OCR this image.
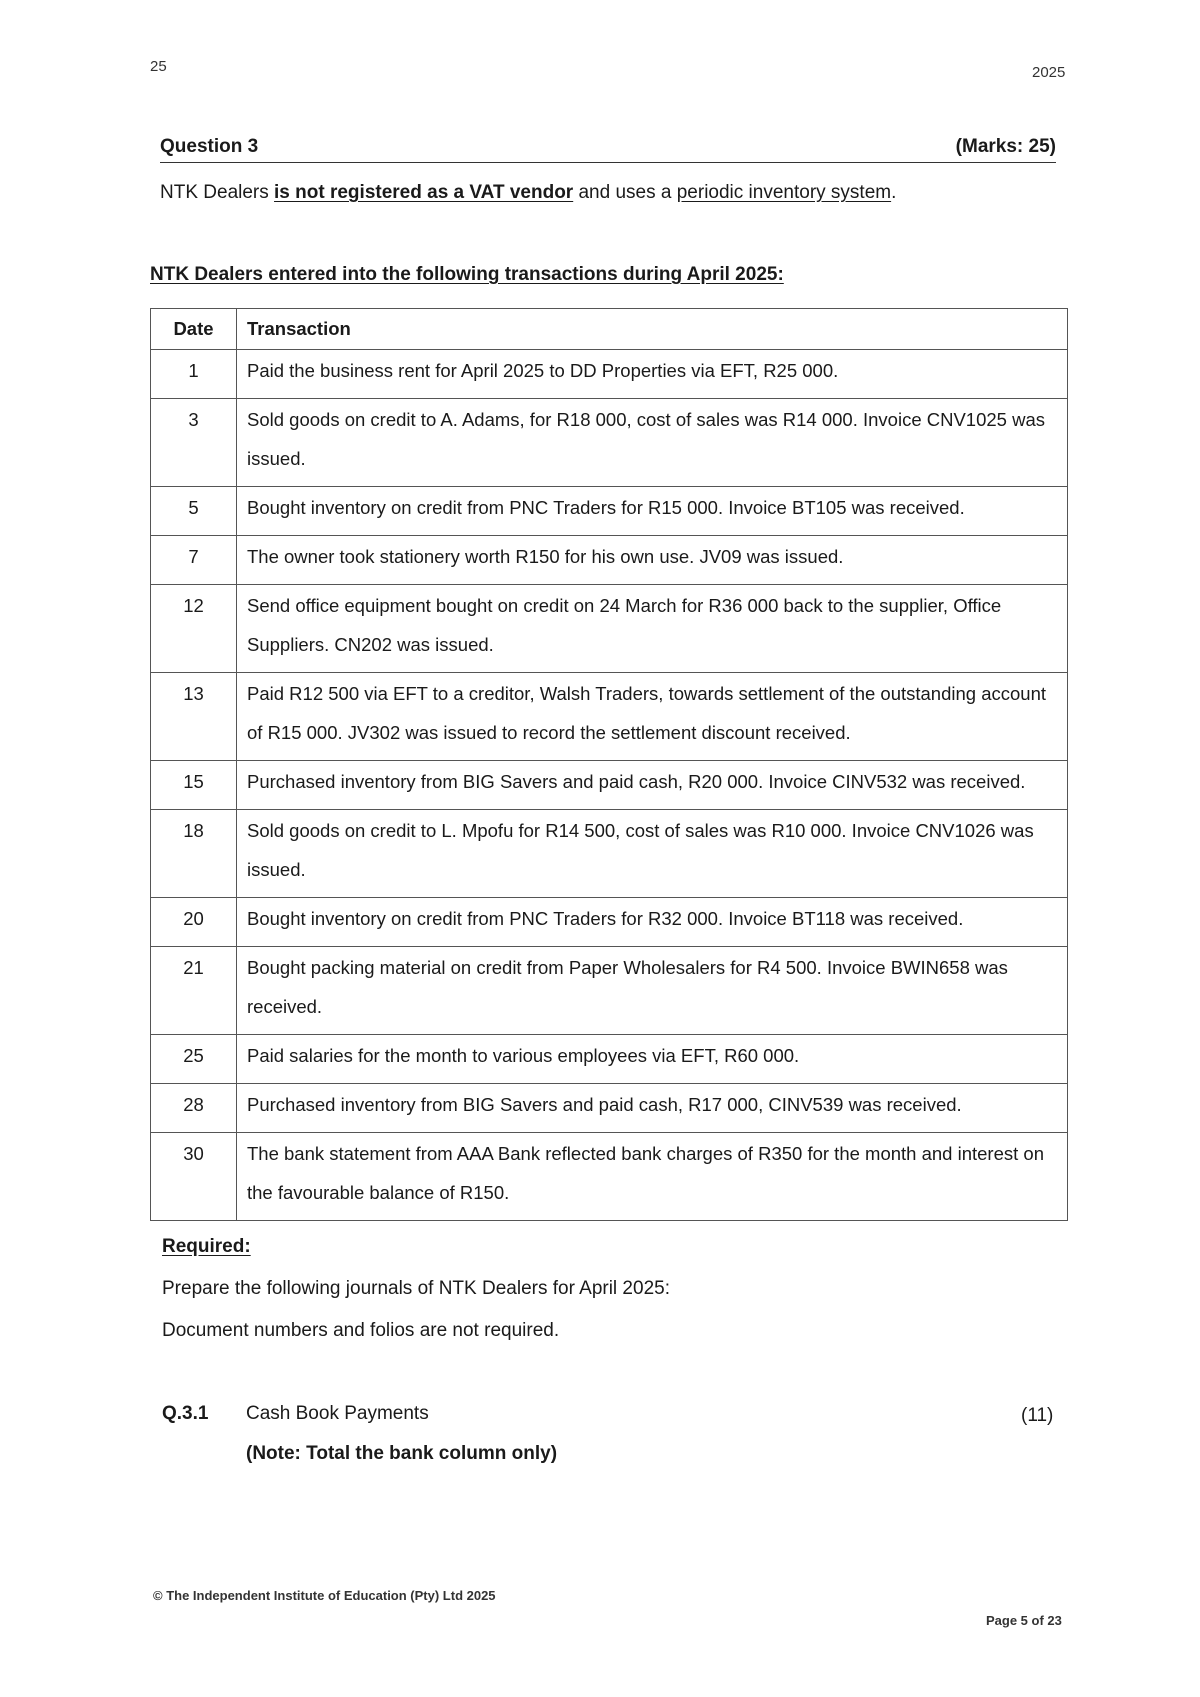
25	2025
Question 3	(Marks: 25)
NTK Dealers is not registered as a VAT vendor and uses a periodic inventory system.
NTK Dealers entered into the following transactions during April 2025:
Date	Transaction
1	Paid the business rent for April 2025 to DD Properties via EFT, R25 000.

3	Sold goods on credit to A. Adams, for R18 000, cost of sales was R14 000. Invoice CNV1025 was issued.

5	Bought inventory on credit from PNC Traders for R15 000. Invoice BT105 was received.

7	The owner took stationery worth R150 for his own use. JV09 was issued.

12	Send office equipment bought on credit on 24 March for R36 000 back to the supplier, Office Suppliers. CN202 was issued.

13	Paid R12 500 via EFT to a creditor, Walsh Traders, towards settlement of the outstanding account of R15 000. JV302 was issued to record the settlement discount received.

15	Purchased inventory from BIG Savers and paid cash, R20 000. Invoice CINV532 was received.

18	Sold goods on credit to L. Mpofu for R14 500, cost of sales was R10 000. Invoice CNV1026 was issued.

20	Bought inventory on credit from PNC Traders for R32 000. Invoice BT118 was received.

21	Bought packing material on credit from Paper Wholesalers for R4 500. Invoice BWIN658 was received.

25	Paid salaries for the month to various employees via EFT, R60 000.

28	Purchased inventory from BIG Savers and paid cash, R17 000, CINV539 was received.

30	The bank statement from AAA Bank reflected bank charges of R350 for the month and interest on the favourable balance of R150.
Required:
Prepare the following journals of NTK Dealers for April 2025:
Document numbers and folios are not required.
Q.3.1 Cash Book Payments	(11)
(Note: Total the bank column only)
© The Independent Institute of Education (Pty) Ltd 2025
Page 5 of 23
